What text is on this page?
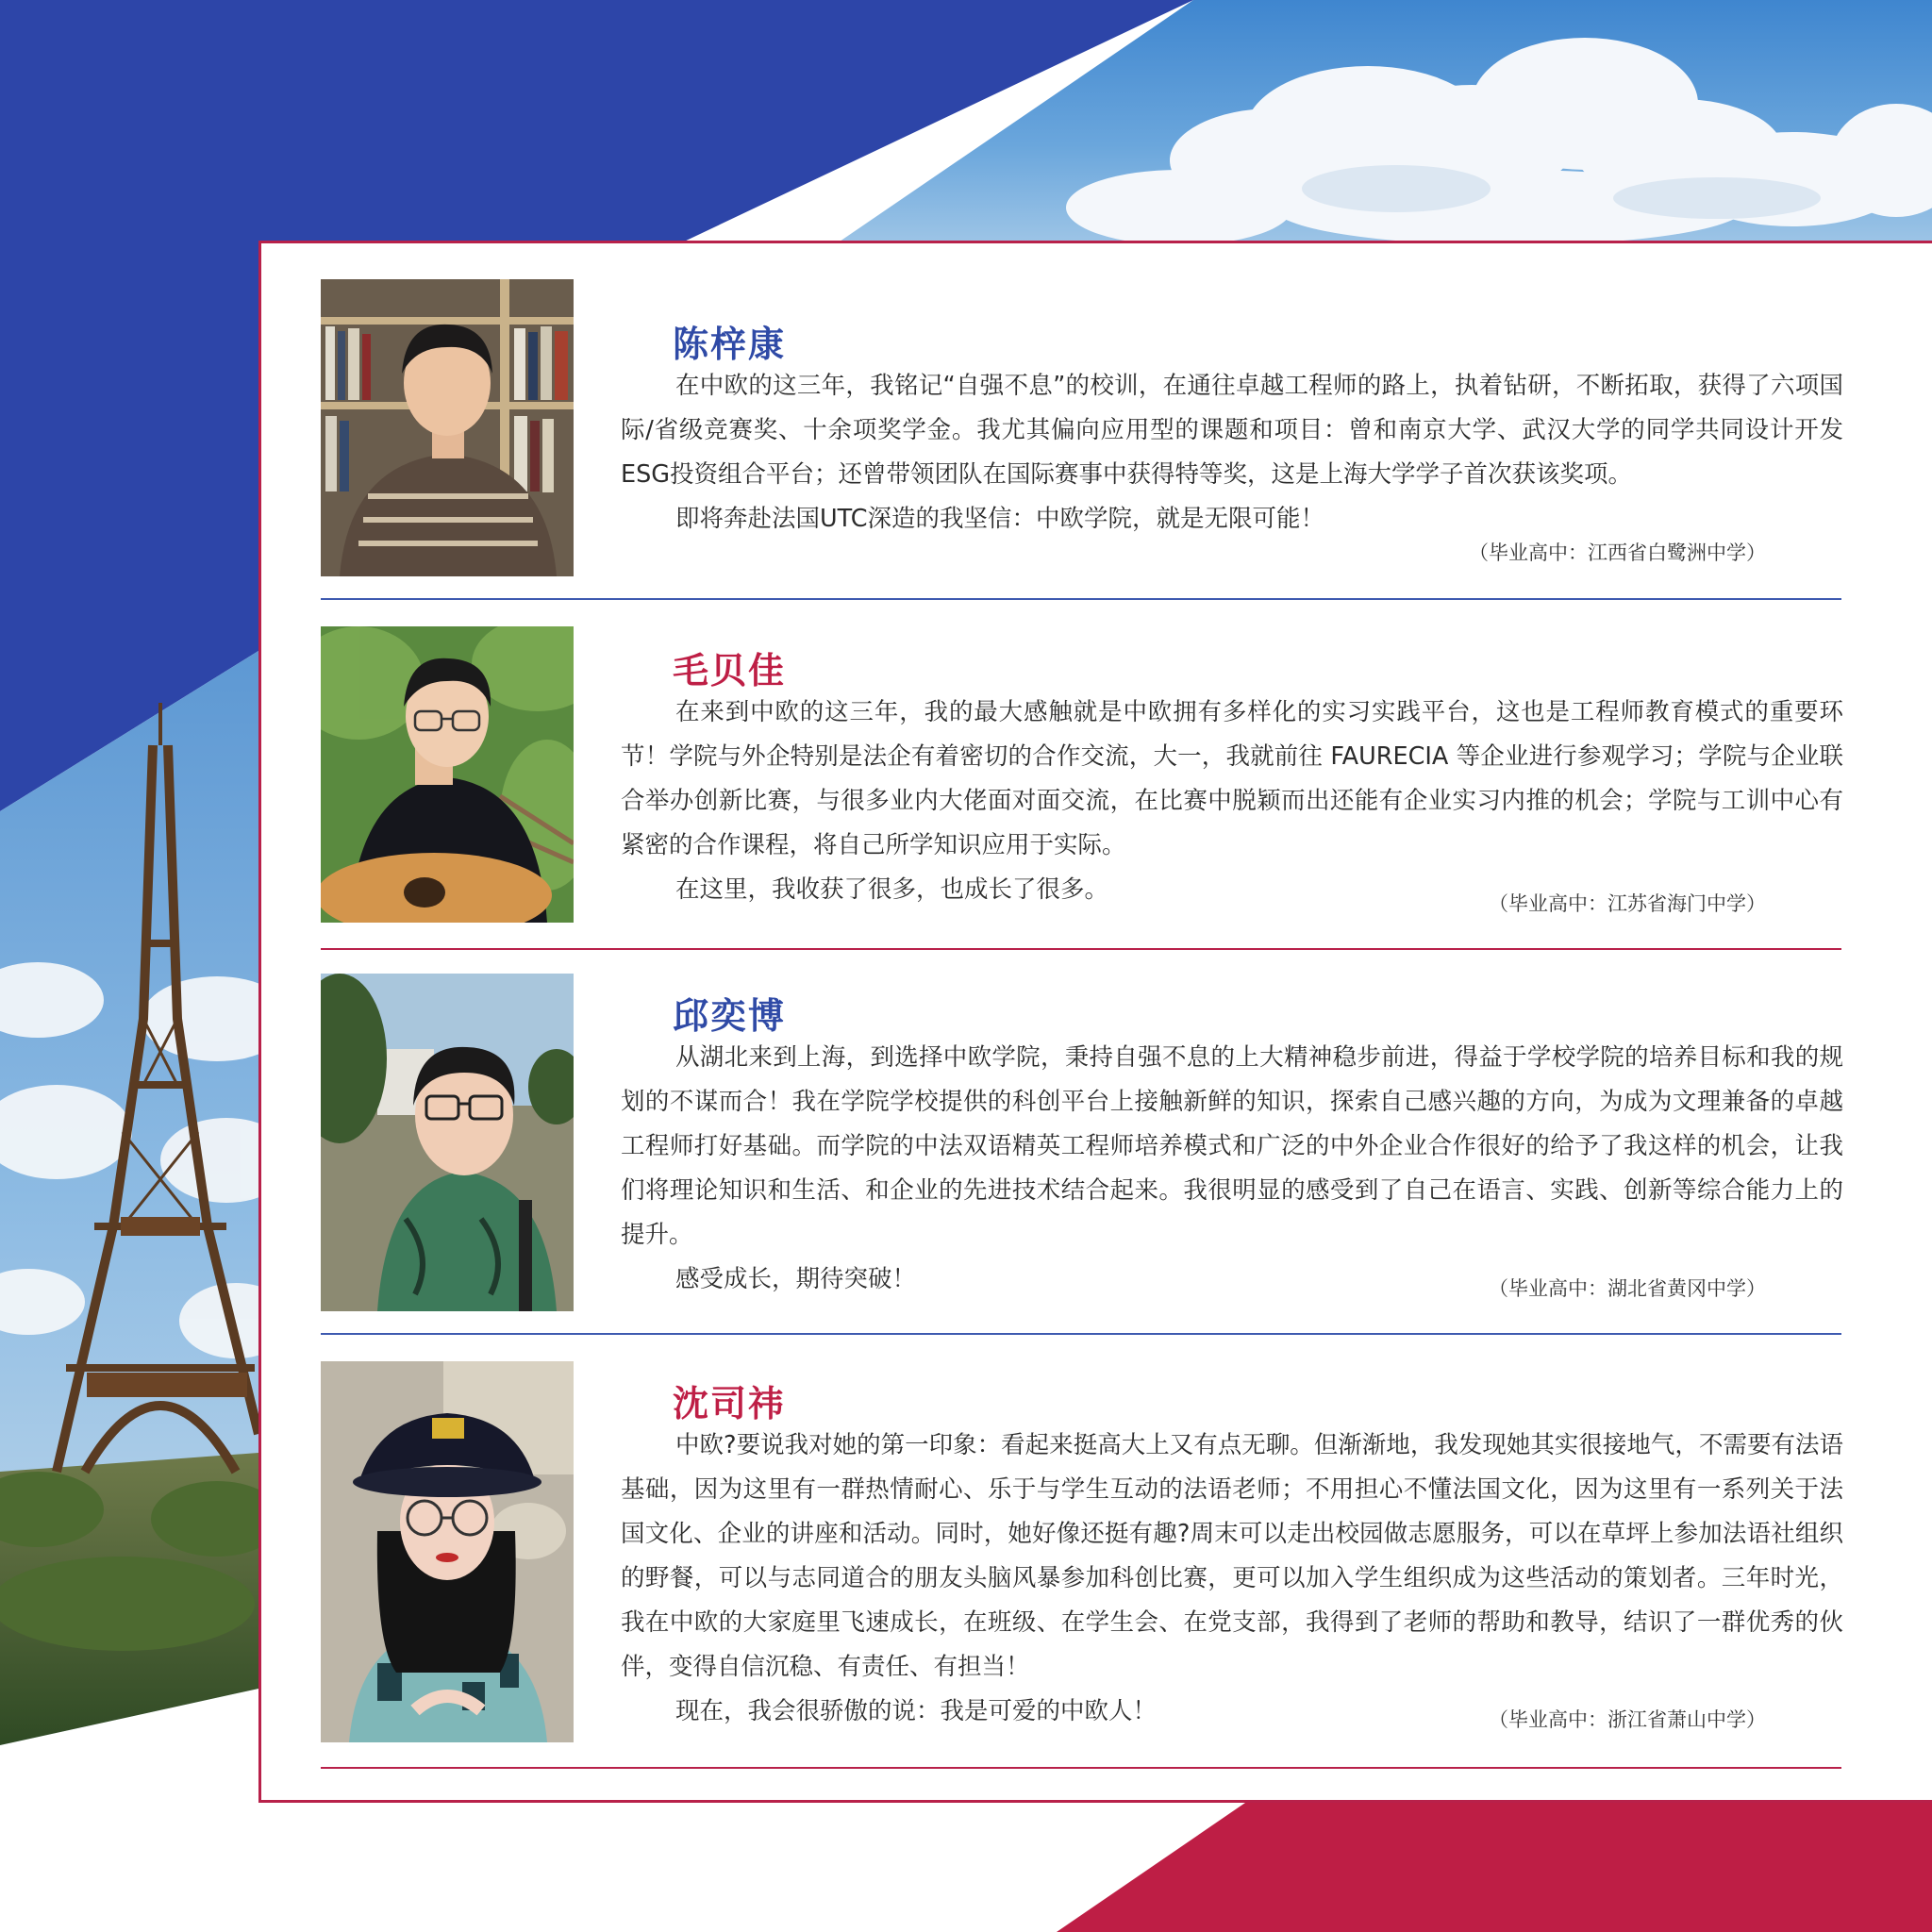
陈梓康

在中欧的这三年，我铭记“自强不息”的校训，在通往卓越工程师的路上，执着钻研，不断拓取，获得了六项国际/省级竞赛奖、十余项奖学金。我尤其偏向应用型的课题和项目：曾和南京大学、武汉大学的同学共同设计开发ESG投资组合平台；还曾带领团队在国际赛事中获得特等奖，这是上海大学学子首次获该奖项。

即将奔赴法国UTC深造的我坚信：中欧学院，就是无限可能！

（毕业高中：江西省白鹭洲中学）
毛贝佳

在来到中欧的这三年，我的最大感触就是中欧拥有多样化的实习实践平台，这也是工程师教育模式的重要环节！学院与外企特别是法企有着密切的合作交流，大一，我就前往 FAURECIA 等企业进行参观学习；学院与企业联合举办创新比赛，与很多业内大佬面对面交流，在比赛中脱颖而出还能有企业实习内推的机会；学院与工训中心有紧密的合作课程，将自己所学知识应用于实际。

在这里，我收获了很多，也成长了很多。	（毕业高中：江苏省海门中学）
邱奕博

从湖北来到上海，到选择中欧学院，秉持自强不息的上大精神稳步前进，得益于学校学院的培养目标和我的规划的不谋而合！我在学院学校提供的科创平台上接触新鲜的知识，探索自己感兴趣的方向，为成为文理兼备的卓越工程师打好基础。而学院的中法双语精英工程师培养模式和广泛的中外企业合作很好的给予了我这样的机会，让我们将理论知识和生活、和企业的先进技术结合起来。我很明显的感受到了自己在语言、实践、创新等综合能力上的提升。

感受成长，期待突破！	（毕业高中：湖北省黄冈中学）
沈司祎

中欧?要说我对她的第一印象：看起来挺高大上又有点无聊。但渐渐地，我发现她其实很接地气，不需要有法语基础，因为这里有一群热情耐心、乐于与学生互动的法语老师；不用担心不懂法国文化，因为这里有一系列关于法国文化、企业的讲座和活动。同时，她好像还挺有趣?周末可以走出校园做志愿服务，可以在草坪上参加法语社组织的野餐，可以与志同道合的朋友头脑风暴参加科创比赛，更可以加入学生组织成为这些活动的策划者。三年时光，我在中欧的大家庭里飞速成长，在班级、在学生会、在党支部，我得到了老师的帮助和教导，结识了一群优秀的伙伴，变得自信沉稳、有责任、有担当！

现在，我会很骄傲的说：我是可爱的中欧人！	（毕业高中：浙江省萧山中学）
